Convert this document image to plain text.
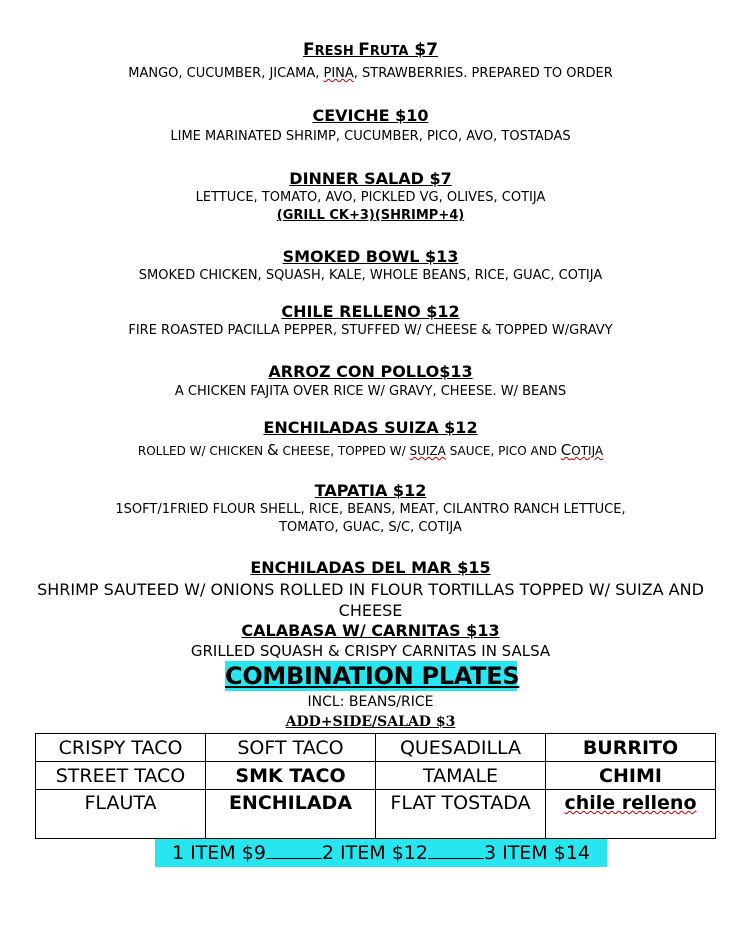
FRESH FRUTA $7
MANGO, CUCUMBER, JICAMA, PINA, STRAWBERRIES. PREPARED TO ORDER
CEVICHE $10
LIME MARINATED SHRIMP, CUCUMBER, PICO, AVO, TOSTADAS
DINNER SALAD $7
LETTUCE, TOMATO, AVO, PICKLED VG, OLIVES, COTIJA
(GRILL CK+3)(SHRIMP+4)
SMOKED BOWL $13
SMOKED CHICKEN, SQUASH, KALE, WHOLE BEANS, RICE, GUAC, COTIJA
CHILE RELLENO $12
FIRE ROASTED PACILLA PEPPER, STUFFED W/ CHEESE & TOPPED W/GRAVY
ARROZ CON POLLO$13
A CHICKEN FAJITA OVER RICE W/ GRAVY, CHEESE. W/ BEANS
ENCHILADAS SUIZA $12
ROLLED W/ CHICKEN & CHEESE, TOPPED W/ SUIZA SAUCE, PICO AND COTIJA
TAPATIA $12
1SOFT/1FRIED FLOUR SHELL, RICE, BEANS, MEAT, CILANTRO RANCH LETTUCE,
TOMATO, GUAC, S/C, COTIJA
ENCHILADAS DEL MAR $15
SHRIMP SAUTEED W/ ONIONS ROLLED IN FLOUR TORTILLAS TOPPED W/ SUIZA AND
CHEESE
CALABASA W/ CARNITAS $13
GRILLED SQUASH & CRISPY CARNITAS IN SALSA
COMBINATION PLATES
INCL: BEANS/RICE
ADD+SIDE/SALAD $3
CRISPY TACO	SOFT TACO	QUESADILLA	BURRITO
STREET TACO	SMK TACO	TAMALE	CHIMI
FLAUTA	ENCHILADA	FLAT TOSTADA	chile relleno
1 ITEM $9	2 ITEM $12	3 ITEM $14
